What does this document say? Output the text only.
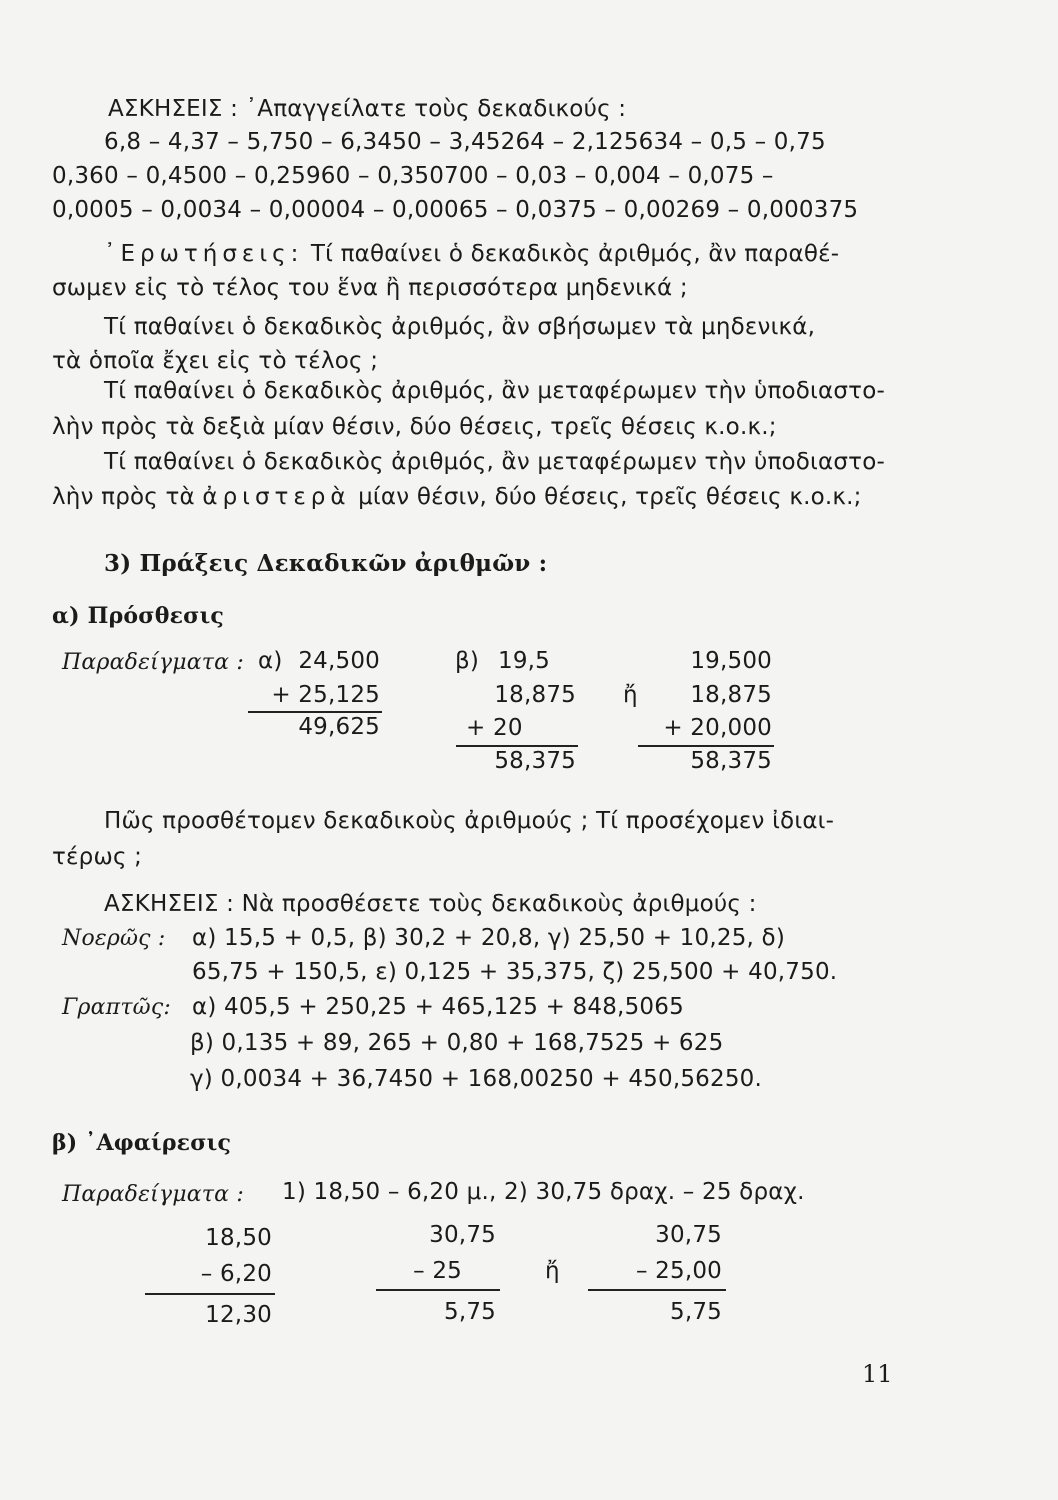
ΑΣΚΗΣΕΙΣ : ᾽Απαγγείλατε τοὺς δεκαδικούς :
6,8 – 4,37 – 5,750 – 6,3450 – 3,45264 – 2,125634 – 0,5 – 0,75
0,360 – 0,4500 – 0,25960 – 0,350700 – 0,03 – 0,004 – 0,075 –
0,0005 – 0,0034 – 0,00004 – 0,00065 – 0,0375 – 0,00269 – 0,000375
᾽Ερωτήσεις: Τί παθαίνει ὁ δεκαδικὸς ἀριθμός, ἂν παραθέ-
σωμεν εἰς τὸ τέλος του ἕνα ἢ περισσότερα μηδενικά ;
Τί παθαίνει ὁ δεκαδικὸς ἀριθμός, ἂν σβήσωμεν τὰ μηδενικά,
τὰ ὁποῖα ἔχει εἰς τὸ τέλος ;
Τί παθαίνει ὁ δεκαδικὸς ἀριθμός, ἂν μεταφέρωμεν τὴν ὑποδιαστο-
λὴν πρὸς τὰ δεξιὰ μίαν θέσιν, δύο θέσεις, τρεῖς θέσεις κ.ο.κ.;
Τί παθαίνει ὁ δεκαδικὸς ἀριθμός, ἂν μεταφέρωμεν τὴν ὑποδιαστο-
λὴν πρὸς τὰ ἀριστερὰ μίαν θέσιν, δύο θέσεις, τρεῖς θέσεις κ.ο.κ.;
3) Πράξεις Δεκαδικῶν ἀριθμῶν :
α) Πρόσθεσις
Παραδείγματα : α) 24,500
+ 25,125
49,625
β) 19,5
18,875
+ 20
58,375
ἤ
19,500
18,875
+ 20,000
58,375
Πῶς προσθέτομεν δεκαδικοὺς ἀριθμούς ; Τί προσέχομεν ἰδιαι-
τέρως ;
ΑΣΚΗΣΕΙΣ : Νὰ προσθέσετε τοὺς δεκαδικοὺς ἀριθμούς :
Νοερῶς : α) 15,5 + 0,5, β) 30,2 + 20,8, γ) 25,50 + 10,25, δ)
65,75 + 150,5, ε) 0,125 + 35,375, ζ) 25,500 + 40,750.
Γραπτῶς: α) 405,5 + 250,25 + 465,125 + 848,5065
β) 0,135 + 89, 265 + 0,80 + 168,7525 + 625
γ) 0,0034 + 36,7450 + 168,00250 + 450,56250.
β) ᾽Αφαίρεσις
Παραδείγματα : 1) 18,50 – 6,20 μ., 2) 30,75 δραχ. – 25 δραχ.
18,50
– 6,20
12,30
30,75
– 25
5,75
ἤ
30,75
– 25,00
5,75
11
